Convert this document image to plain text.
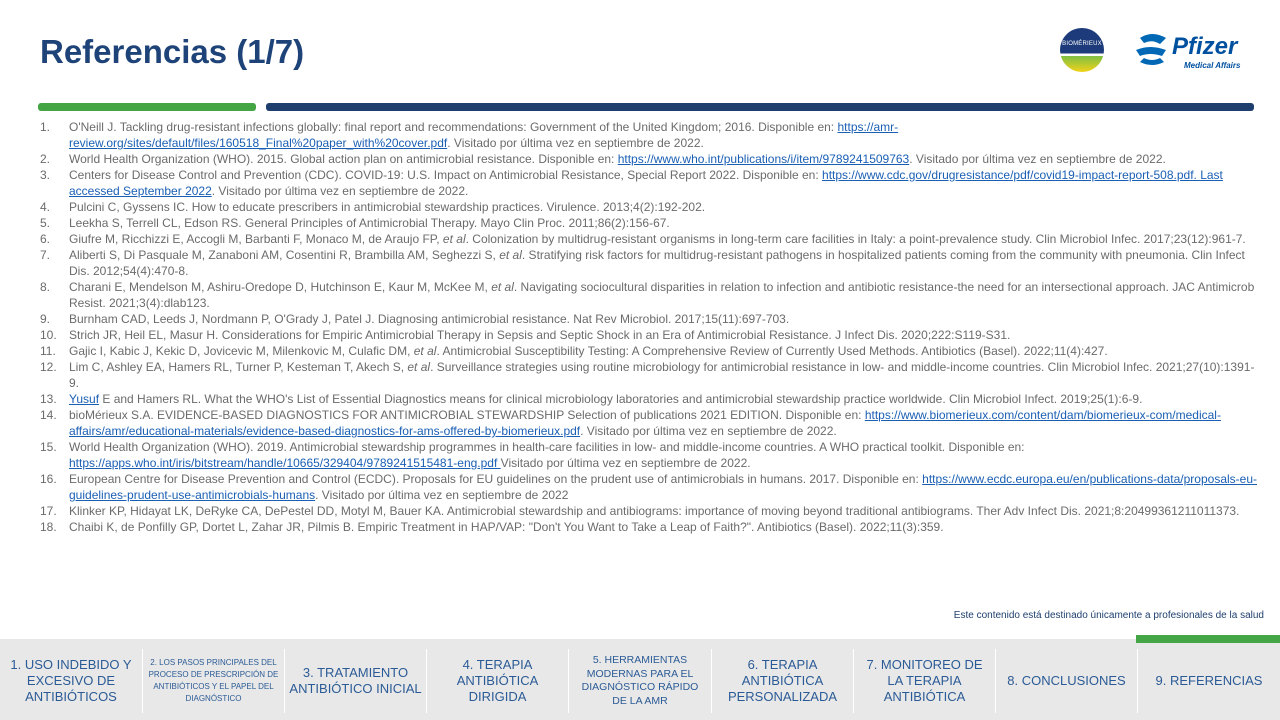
Referencias (1/7)	BIOMÉRIEUX	Pfizer
Medical Affairs
1. O'Neill J. Tackling drug-resistant infections globally: final report and recommendations: Government of the United Kingdom; 2016. Disponible en: https://amr-review.org/sites/default/files/160518_Final%20paper_with%20cover.pdf. Visitado por última vez en septiembre de 2022.
2. World Health Organization (WHO). 2015. Global action plan on antimicrobial resistance. Disponible en: https://www.who.int/publications/i/item/9789241509763. Visitado por última vez en septiembre de 2022.
3. Centers for Disease Control and Prevention (CDC). COVID-19: U.S. Impact on Antimicrobial Resistance, Special Report 2022. Disponible en: https://www.cdc.gov/drugresistance/pdf/covid19-impact-report-508.pdf. Last accessed September 2022. Visitado por última vez en septiembre de 2022.
4. Pulcini C, Gyssens IC. How to educate prescribers in antimicrobial stewardship practices. Virulence. 2013;4(2):192-202.
5. Leekha S, Terrell CL, Edson RS. General Principles of Antimicrobial Therapy. Mayo Clin Proc. 2011;86(2):156-67.
6. Giufre M, Ricchizzi E, Accogli M, Barbanti F, Monaco M, de Araujo FP, et al. Colonization by multidrug-resistant organisms in long-term care facilities in Italy: a point-prevalence study. Clin Microbiol Infec. 2017;23(12):961-7.
7. Aliberti S, Di Pasquale M, Zanaboni AM, Cosentini R, Brambilla AM, Seghezzi S, et al. Stratifying risk factors for multidrug-resistant pathogens in hospitalized patients coming from the community with pneumonia. Clin Infect Dis. 2012;54(4):470-8.
8. Charani E, Mendelson M, Ashiru-Oredope D, Hutchinson E, Kaur M, McKee M, et al. Navigating sociocultural disparities in relation to infection and antibiotic resistance-the need for an intersectional approach. JAC Antimicrob Resist. 2021;3(4):dlab123.
9. Burnham CAD, Leeds J, Nordmann P, O'Grady J, Patel J. Diagnosing antimicrobial resistance. Nat Rev Microbiol. 2017;15(11):697-703.
10. Strich JR, Heil EL, Masur H. Considerations for Empiric Antimicrobial Therapy in Sepsis and Septic Shock in an Era of Antimicrobial Resistance. J Infect Dis. 2020;222:S119-S31.
11. Gajic I, Kabic J, Kekic D, Jovicevic M, Milenkovic M, Culafic DM, et al. Antimicrobial Susceptibility Testing: A Comprehensive Review of Currently Used Methods. Antibiotics (Basel). 2022;11(4):427.
12. Lim C, Ashley EA, Hamers RL, Turner P, Kesteman T, Akech S, et al. Surveillance strategies using routine microbiology for antimicrobial resistance in low- and middle-income countries. Clin Microbiol Infec. 2021;27(10):1391-9.
13. Yusuf E and Hamers RL. What the WHO's List of Essential Diagnostics means for clinical microbiology laboratories and antimicrobial stewardship practice worldwide. Clin Microbiol Infect. 2019;25(1):6-9.
14. bioMérieux S.A. EVIDENCE-BASED DIAGNOSTICS FOR ANTIMICROBIAL STEWARDSHIP Selection of publications 2021 EDITION. Disponible en: https://www.biomerieux.com/content/dam/biomerieux-com/medical-affairs/amr/educational-materials/evidence-based-diagnostics-for-ams-offered-by-biomerieux.pdf. Visitado por última vez en septiembre de 2022.
15. World Health Organization (WHO). 2019. Antimicrobial stewardship programmes in health-care facilities in low- and middle-income countries. A WHO practical toolkit. Disponible en: https://apps.who.int/iris/bitstream/handle/10665/329404/9789241515481-eng.pdf Visitado por última vez en septiembre de 2022.
16. European Centre for Disease Prevention and Control (ECDC). Proposals for EU guidelines on the prudent use of antimicrobials in humans. 2017. Disponible en: https://www.ecdc.europa.eu/en/publications-data/proposals-eu-guidelines-prudent-use-antimicrobials-humans. Visitado por última vez en septiembre de 2022
17. Klinker KP, Hidayat LK, DeRyke CA, DePestel DD, Motyl M, Bauer KA. Antimicrobial stewardship and antibiograms: importance of moving beyond traditional antibiograms. Ther Adv Infect Dis. 2021;8:20499361211011373.
18. Chaibi K, de Ponfilly GP, Dortet L, Zahar JR, Pilmis B. Empiric Treatment in HAP/VAP: "Don't You Want to Take a Leap of Faith?". Antibiotics (Basel). 2022;11(3):359.
Este contenido está destinado únicamente a profesionales de la salud
1. USO INDEBIDO Y EXCESIVO DE ANTIBIÓTICOS
2. LOS PASOS PRINCIPALES DEL PROCESO DE PRESCRIPCIÓN DE ANTIBIÓTICOS Y EL PAPEL DEL DIAGNÓSTICO
3. TRATAMIENTO ANTIBIÓTICO INICIAL
4. TERAPIA ANTIBIÓTICA DIRIGIDA
5. HERRAMIENTAS MODERNAS PARA EL DIAGNÓSTICO RÁPIDO DE LA AMR
6. TERAPIA ANTIBIÓTICA PERSONALIZADA
7. MONITOREO DE LA TERAPIA ANTIBIÓTICA
8. CONCLUSIONES	9. REFERENCIAS
